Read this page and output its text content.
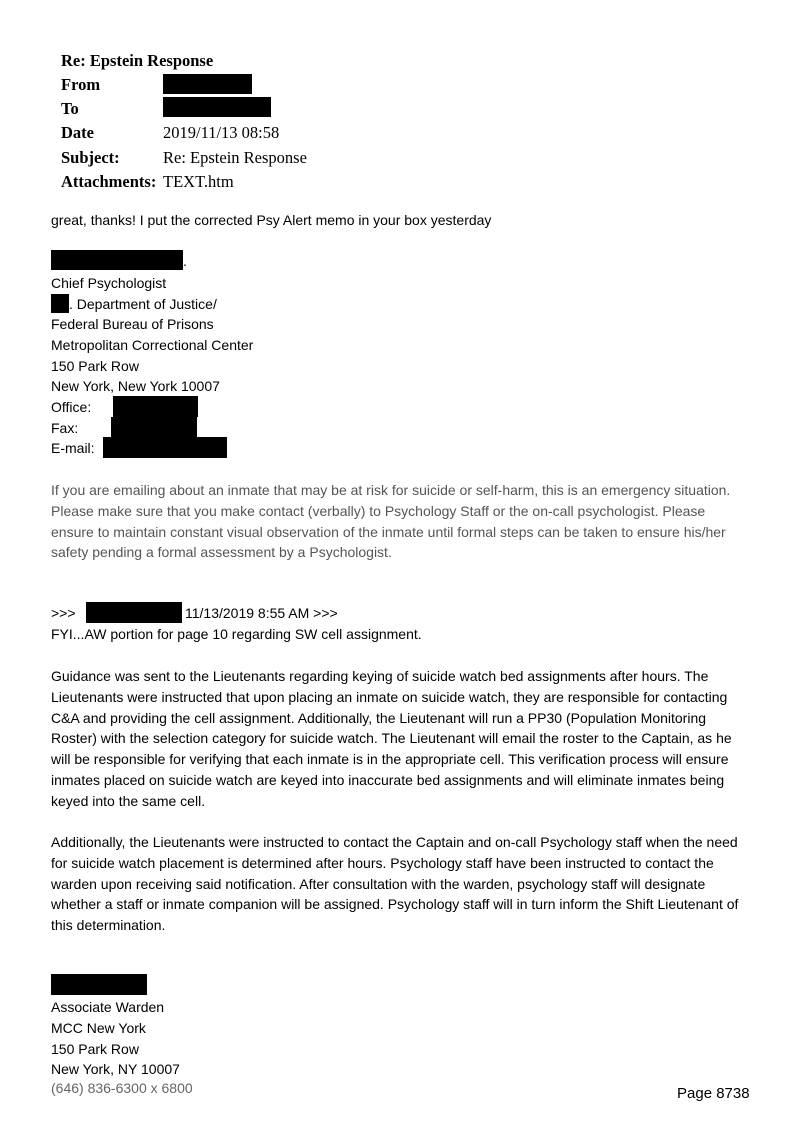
Re: Epstein Response
From
To
Date	2019/11/13 08:58
Subject:	Re: Epstein Response
Attachments: TEXT.htm
great, thanks! I put the corrected Psy Alert memo in your box yesterday
.
Chief Psychologist
. Department of Justice/
Federal Bureau of Prisons
Metropolitan Correctional Center
150 Park Row
New York, New York 10007
Office:
Fax:
E-mail:
If you are emailing about an inmate that may be at risk for suicide or self-harm, this is an emergency situation. Please make sure that you make contact (verbally) to Psychology Staff or the on-call psychologist. Please ensure to maintain constant visual observation of the inmate until formal steps can be taken to ensure his/her safety pending a formal assessment by a Psychologist.
>>>	11/13/2019 8:55 AM >>>
FYI...AW portion for page 10 regarding SW cell assignment.
Guidance was sent to the Lieutenants regarding keying of suicide watch bed assignments after hours. The Lieutenants were instructed that upon placing an inmate on suicide watch, they are responsible for contacting C&A and providing the cell assignment. Additionally, the Lieutenant will run a PP30 (Population Monitoring Roster) with the selection category for suicide watch. The Lieutenant will email the roster to the Captain, as he will be responsible for verifying that each inmate is in the appropriate cell. This verification process will ensure inmates placed on suicide watch are keyed into inaccurate bed assignments and will eliminate inmates being keyed into the same cell.
Additionally, the Lieutenants were instructed to contact the Captain and on-call Psychology staff when the need for suicide watch placement is determined after hours. Psychology staff have been instructed to contact the warden upon receiving said notification. After consultation with the warden, psychology staff will designate whether a staff or inmate companion will be assigned. Psychology staff will in turn inform the Shift Lieutenant of this determination.
Associate Warden
MCC New York
150 Park Row
New York, NY 10007
(646) 836-6300 x 6800	Page 8738
